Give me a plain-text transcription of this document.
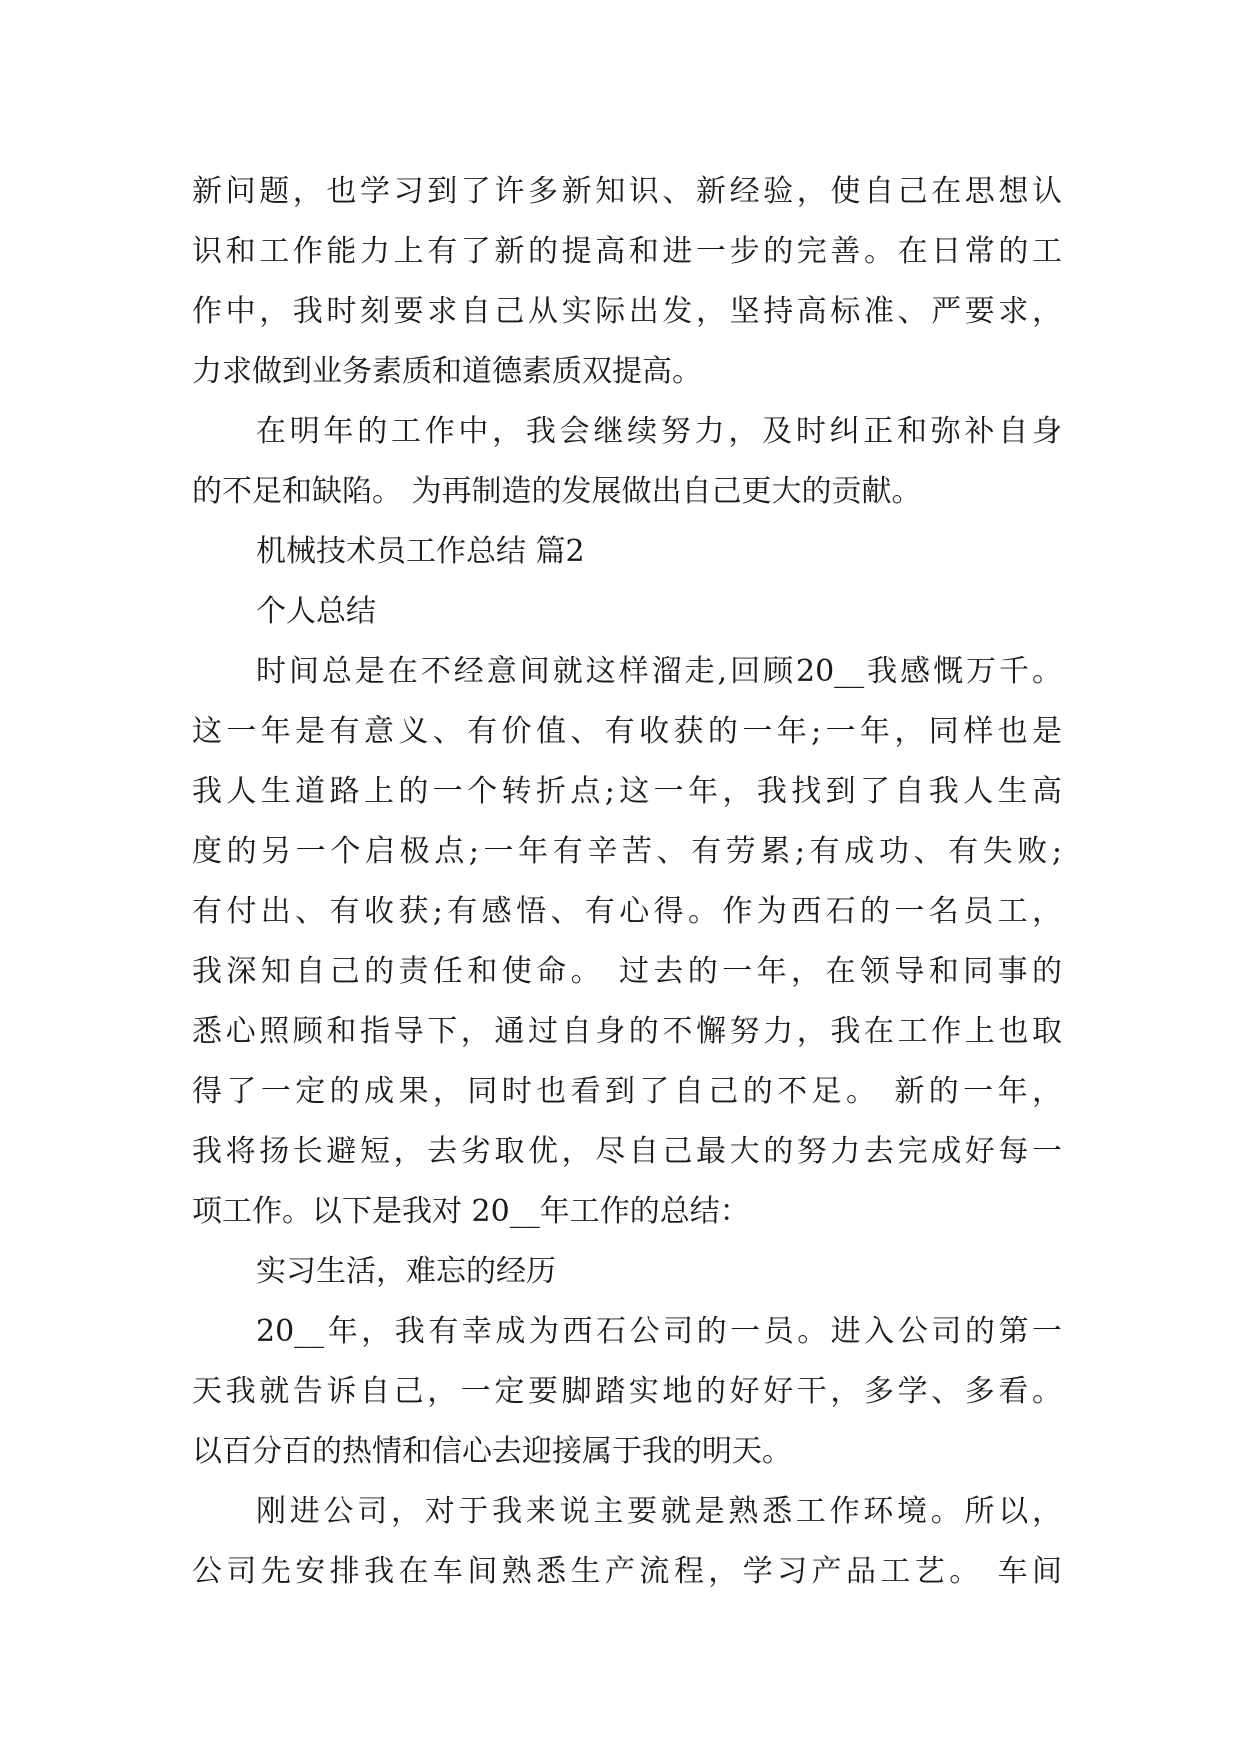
新问题，也学习到了许多新知识、新经验，使自己在思想认
识和工作能力上有了新的提高和进一步的完善。在日常的工
作中，我时刻要求自己从实际出发，坚持高标准、严要求，
力求做到业务素质和道德素质双提高。
在明年的工作中，我会继续努力，及时纠正和弥补自身
的不足和缺陷。 为再制造的发展做出自己更大的贡献。
机械技术员工作总结 篇2
个人总结
时间总是在不经意间就这样溜走,回顾20__我感慨万千。
这一年是有意义、有价值、有收获的一年;一年，同样也是
我人生道路上的一个转折点;这一年，我找到了自我人生高
度的另一个启极点;一年有辛苦、有劳累;有成功、有失败;
有付出、有收获;有感悟、有心得。作为西石的一名员工，
我深知自己的责任和使命。 过去的一年，在领导和同事的
悉心照顾和指导下，通过自身的不懈努力，我在工作上也取
得了一定的成果，同时也看到了自己的不足。 新的一年，
我将扬长避短，去劣取优，尽自己最大的努力去完成好每一
项工作。以下是我对 20__年工作的总结：
实习生活，难忘的经历
20__年，我有幸成为西石公司的一员。进入公司的第一
天我就告诉自己，一定要脚踏实地的好好干，多学、多看。
以百分百的热情和信心去迎接属于我的明天。
刚进公司，对于我来说主要就是熟悉工作环境。所以，
公司先安排我在车间熟悉生产流程，学习产品工艺。 车间
